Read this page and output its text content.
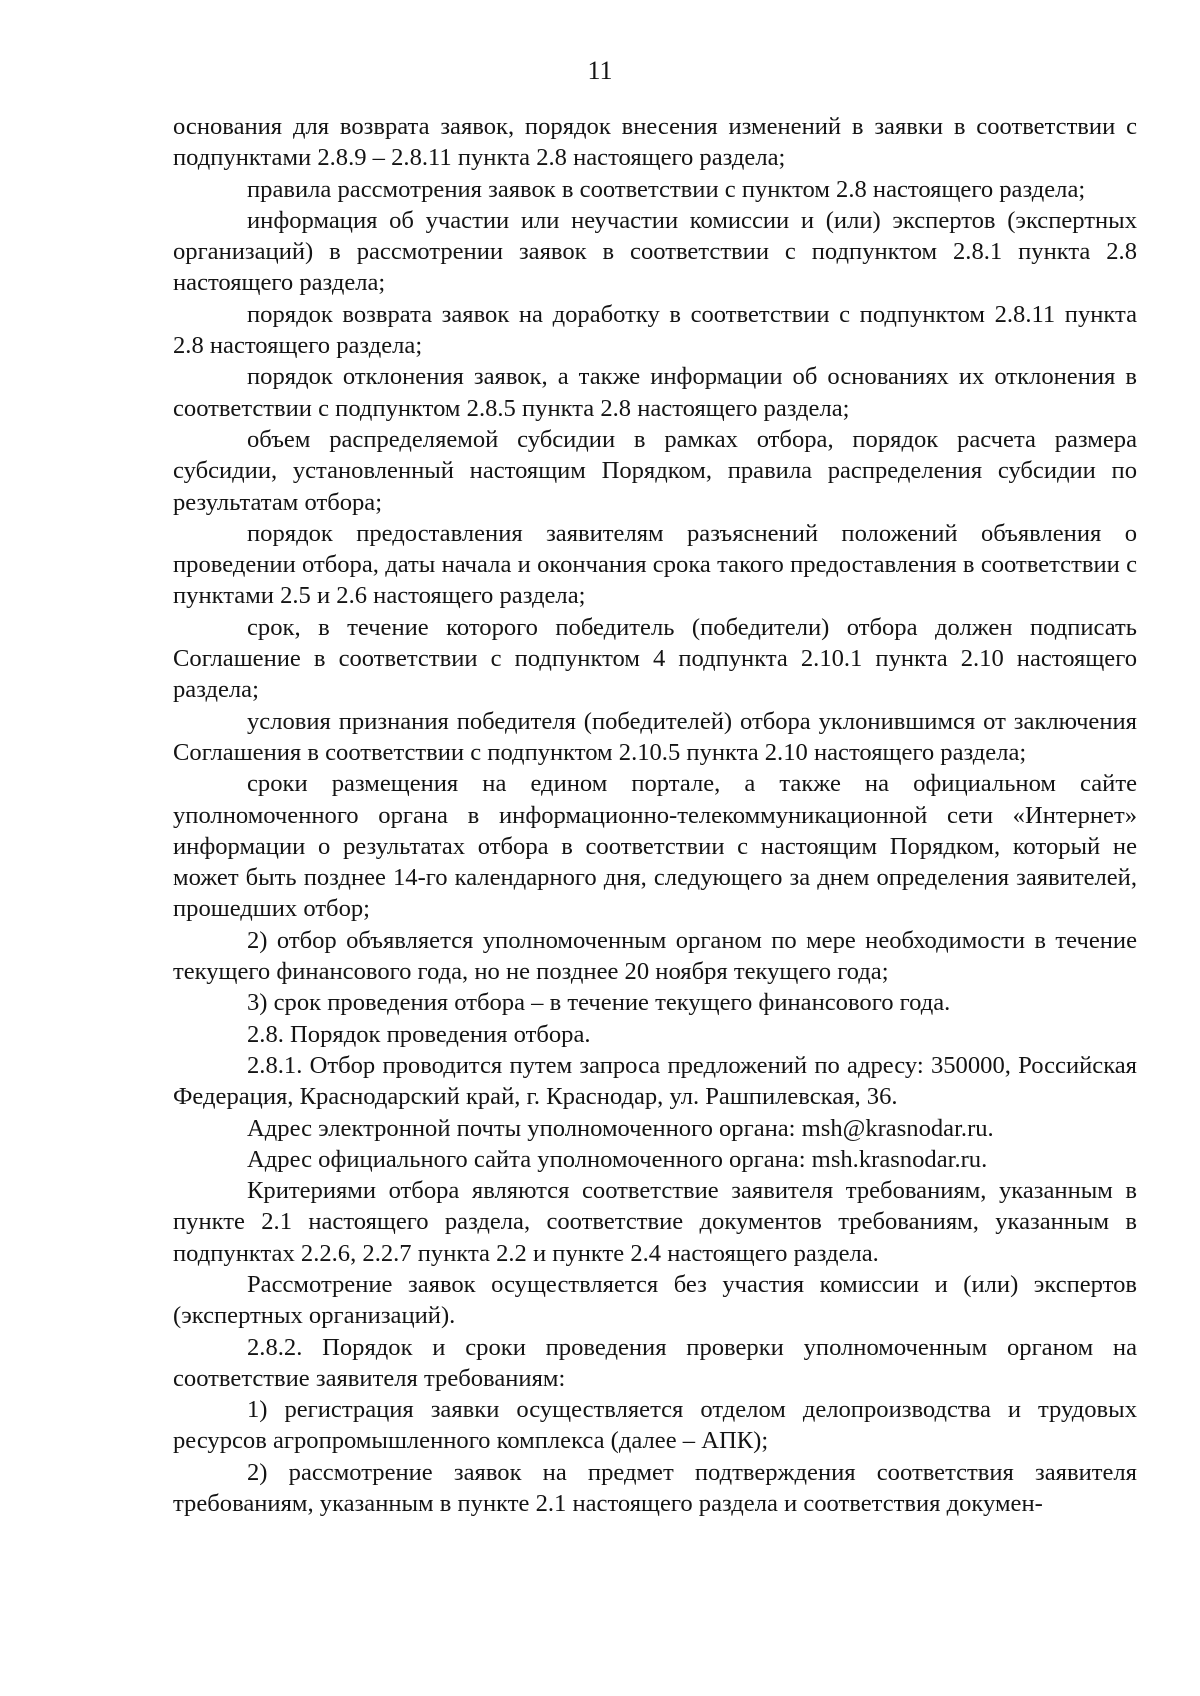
11

основания для возврата заявок, порядок внесения изменений в заявки в соответствии с подпунктами 2.8.9 – 2.8.11 пункта 2.8 настоящего раздела;

правила рассмотрения заявок в соответствии с пунктом 2.8 настоящего раздела;

информация об участии или неучастии комиссии и (или) экспертов (экспертных организаций) в рассмотрении заявок в соответствии с подпунктом 2.8.1 пункта 2.8 настоящего раздела;

порядок возврата заявок на доработку в соответствии с подпунктом 2.8.11 пункта 2.8 настоящего раздела;

порядок отклонения заявок, а также информации об основаниях их отклонения в соответствии с подпунктом 2.8.5 пункта 2.8 настоящего раздела;

объем распределяемой субсидии в рамках отбора, порядок расчета размера субсидии, установленный настоящим Порядком, правила распределения субсидии по результатам отбора;

порядок предоставления заявителям разъяснений положений объявления о проведении отбора, даты начала и окончания срока такого предоставления в соответствии с пунктами 2.5 и 2.6 настоящего раздела;

срок, в течение которого победитель (победители) отбора должен подписать Соглашение в соответствии с подпунктом 4 подпункта 2.10.1 пункта 2.10 настоящего раздела;

условия признания победителя (победителей) отбора уклонившимся от заключения Соглашения в соответствии с подпунктом 2.10.5 пункта 2.10 настоящего раздела;

сроки размещения на едином портале, а также на официальном сайте уполномоченного органа в информационно-телекоммуникационной сети «Интернет» информации о результатах отбора в соответствии с настоящим Порядком, который не может быть позднее 14-го календарного дня, следующего за днем определения заявителей, прошедших отбор;

2) отбор объявляется уполномоченным органом по мере необходимости в течение текущего финансового года, но не позднее 20 ноября текущего года;

3) срок проведения отбора – в течение текущего финансового года.

2.8. Порядок проведения отбора.

2.8.1. Отбор проводится путем запроса предложений по адресу: 350000, Российская Федерация, Краснодарский край, г. Краснодар, ул. Рашпилевская, 36.

Адрес электронной почты уполномоченного органа: msh@krasnodar.ru.

Адрес официального сайта уполномоченного органа: msh.krasnodar.ru.

Критериями отбора являются соответствие заявителя требованиям, указанным в пункте 2.1 настоящего раздела, соответствие документов требованиям, указанным в подпунктах 2.2.6, 2.2.7 пункта 2.2 и пункте 2.4 настоящего раздела.

Рассмотрение заявок осуществляется без участия комиссии и (или) экспертов (экспертных организаций).

2.8.2. Порядок и сроки проведения проверки уполномоченным органом на соответствие заявителя требованиям:

1) регистрация заявки осуществляется отделом делопроизводства и трудовых ресурсов агропромышленного комплекса (далее – АПК);

2) рассмотрение заявок на предмет подтверждения соответствия заявителя требованиям, указанным в пункте 2.1 настоящего раздела и соответствия докумен-
